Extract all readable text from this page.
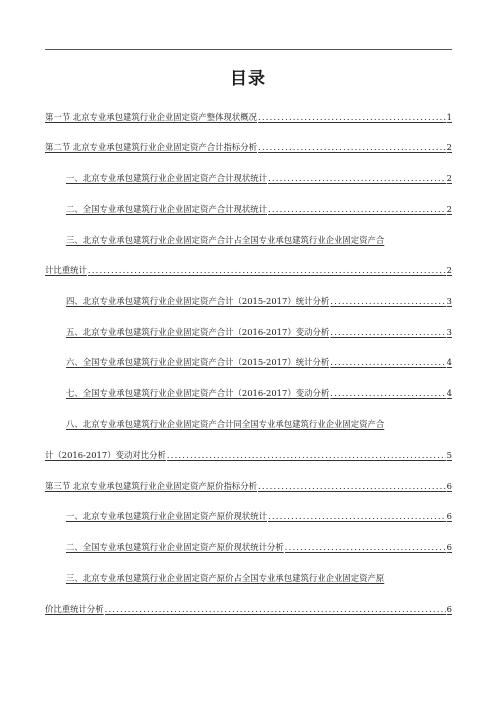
目录
第一节 北京专业承包建筑行业企业固定资产整体现状概况 .....	1
第二节 北京专业承包建筑行业企业固定资产合计指标分析 .....	2
一、北京专业承包建筑行业企业固定资产合计现状统计 .....	2
二、全国专业承包建筑行业企业固定资产合计现状统计 .....	2
三、北京专业承包建筑行业企业固定资产合计占全国专业承包建筑行业企业固定资产合
计比重统计 .....	2
四、北京专业承包建筑行业企业固定资产合计（2015-2017）统计分析 .....	3
五、北京专业承包建筑行业企业固定资产合计（2016-2017）变动分析 .....	3
六、全国专业承包建筑行业企业固定资产合计（2015-2017）统计分析 .....	4
七、全国专业承包建筑行业企业固定资产合计（2016-2017）变动分析 .....	4
八、北京专业承包建筑行业企业固定资产合计同全国专业承包建筑行业企业固定资产合
计（2016-2017）变动对比分析 .....	5
第三节 北京专业承包建筑行业企业固定资产原价指标分析 .....	6
一、北京专业承包建筑行业企业固定资产原价现状统计 .....	6
二、全国专业承包建筑行业企业固定资产原价现状统计分析 .....	6
三、北京专业承包建筑行业企业固定资产原价占全国专业承包建筑行业企业固定资产原
价比重统计分析 .....	6
